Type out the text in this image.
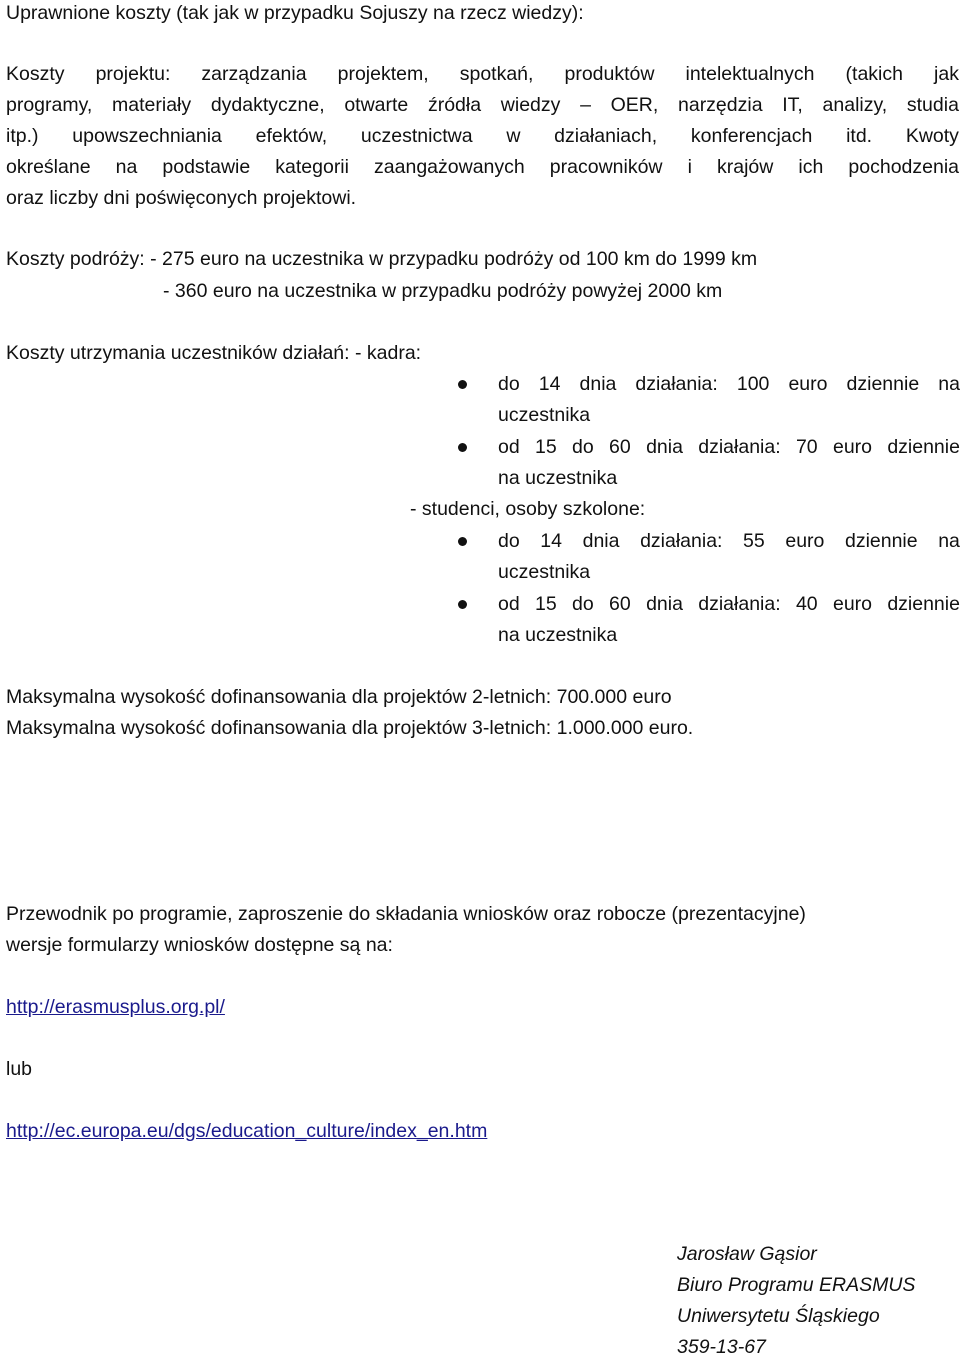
Uprawnione koszty (tak jak w przypadku Sojuszy na rzecz wiedzy):
Koszty projektu: zarządzania projektem, spotkań, produktów intelektualnych (takich jak
programy, materiały dydaktyczne, otwarte źródła wiedzy – OER, narzędzia IT, analizy, studia
itp.) upowszechniania efektów, uczestnictwa w działaniach, konferencjach itd. Kwoty
określane na podstawie kategorii zaangażowanych pracowników i krajów ich pochodzenia
oraz liczby dni poświęconych projektowi.
Koszty podróży: - 275 euro na uczestnika w przypadku podróży od 100 km do 1999 km
- 360 euro na uczestnika w przypadku podróży powyżej 2000 km
Koszty utrzymania uczestników działań: - kadra:
do 14 dnia działania: 100 euro dziennie na
uczestnika
od 15 do 60 dnia działania: 70 euro dziennie
na uczestnika
- studenci, osoby szkolone:
do 14 dnia działania: 55 euro dziennie na
uczestnika
od 15 do 60 dnia działania: 40 euro dziennie
na uczestnika
Maksymalna wysokość dofinansowania dla projektów 2-letnich: 700.000 euro
Maksymalna wysokość dofinansowania dla projektów 3-letnich: 1.000.000 euro.
Przewodnik po programie, zaproszenie do składania wniosków oraz robocze (prezentacyjne)
wersje formularzy wniosków dostępne są na:
http://erasmusplus.org.pl/
lub
http://ec.europa.eu/dgs/education_culture/index_en.htm
Jarosław Gąsior
Biuro Programu ERASMUS
Uniwersytetu Śląskiego
359-13-67
